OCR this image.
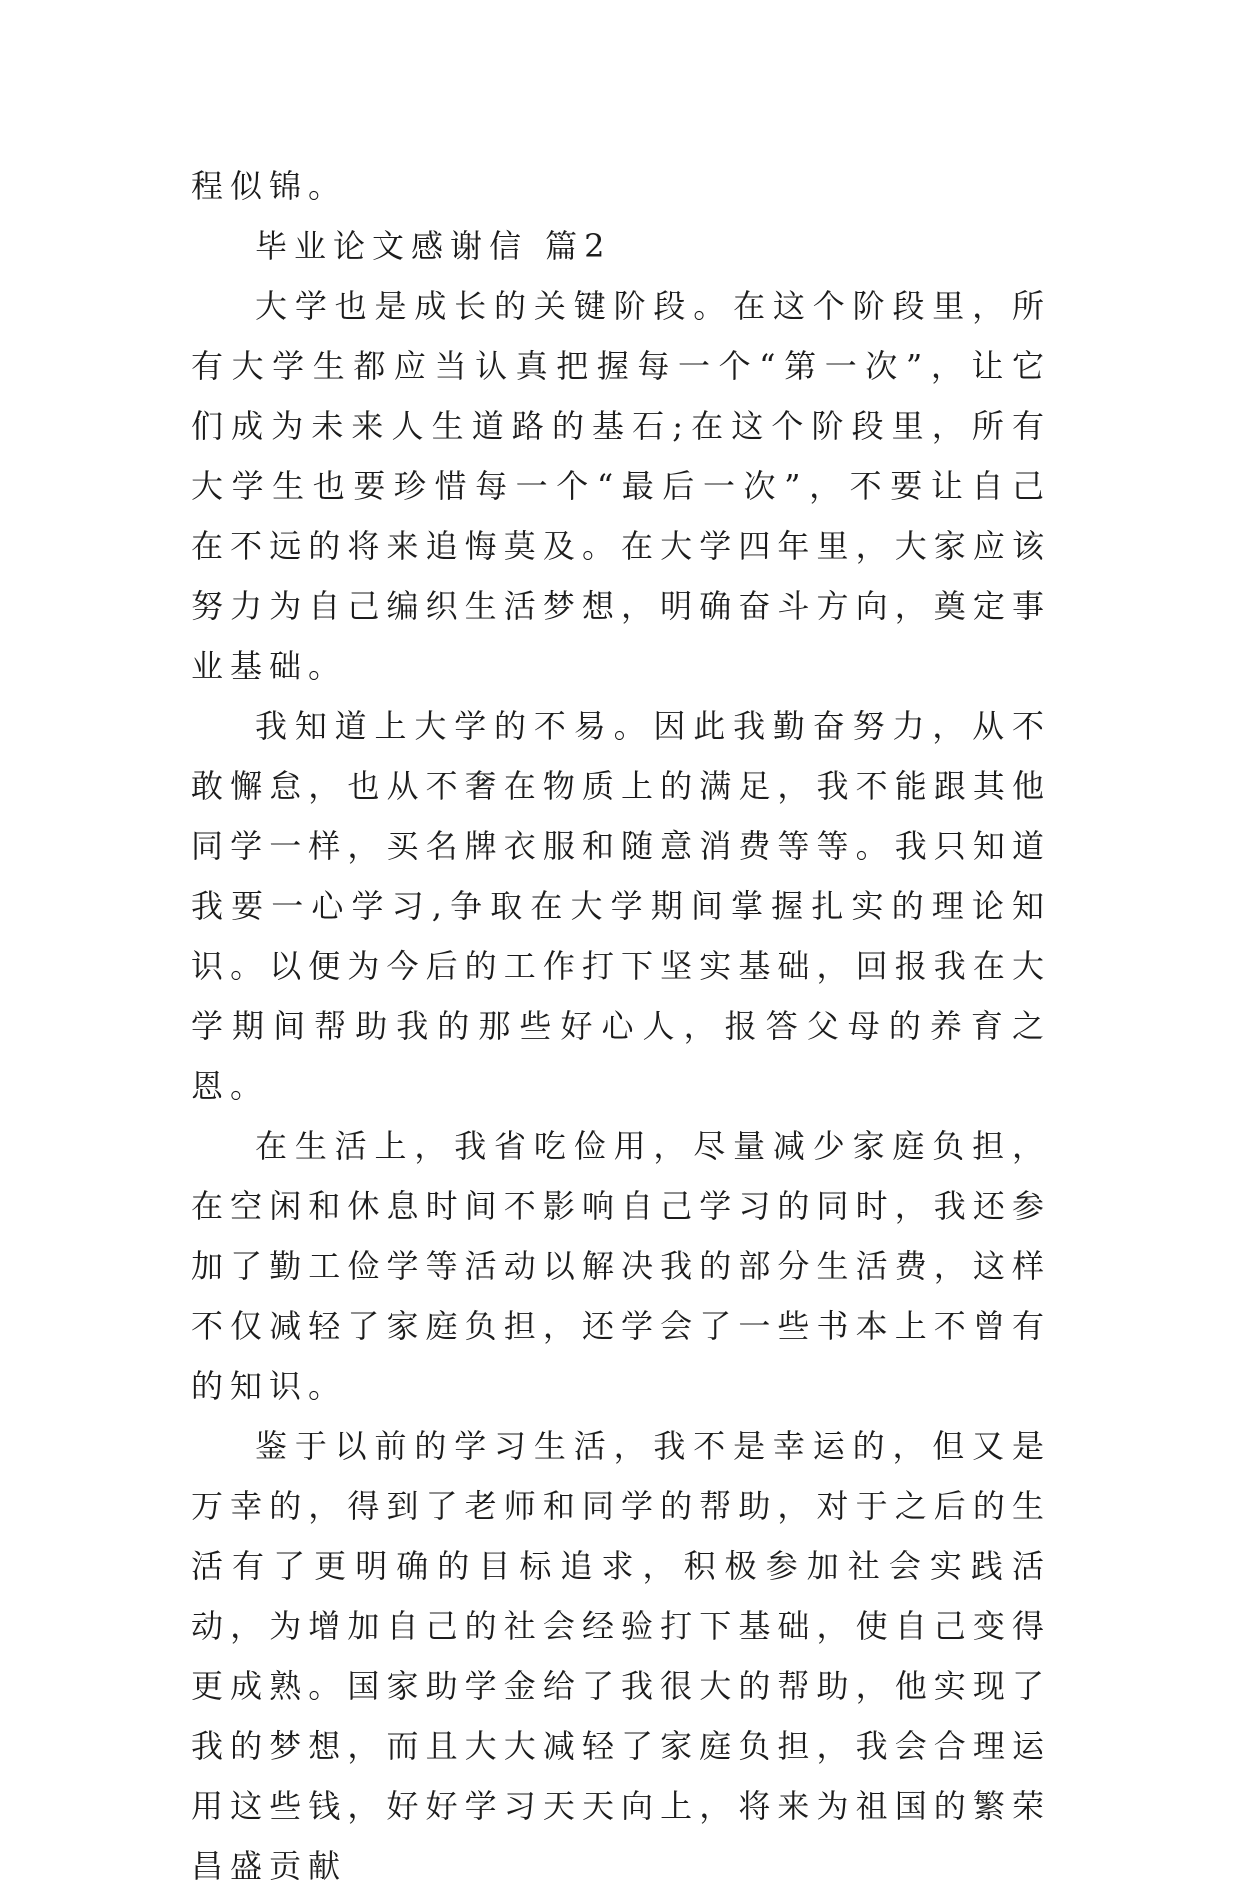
程似锦。

毕业论文感谢信 篇2

大学也是成长的关键阶段。在这个阶段里，所有大学生都应当认真把握每一个“第一次”，让它们成为未来人生道路的基石;在这个阶段里，所有大学生也要珍惜每一个“最后一次”，不要让自己在不远的将来追悔莫及。在大学四年里，大家应该努力为自己编织生活梦想，明确奋斗方向，奠定事业基础。

我知道上大学的不易。因此我勤奋努力，从不敢懈怠，也从不奢在物质上的满足，我不能跟其他同学一样，买名牌衣服和随意消费等等。我只知道我要一心学习,争取在大学期间掌握扎实的理论知识。以便为今后的工作打下坚实基础，回报我在大学期间帮助我的那些好心人，报答父母的养育之恩。

在生活上，我省吃俭用，尽量减少家庭负担，在空闲和休息时间不影响自己学习的同时，我还参加了勤工俭学等活动以解决我的部分生活费，这样不仅减轻了家庭负担，还学会了一些书本上不曾有的知识。

鉴于以前的学习生活，我不是幸运的，但又是万幸的，得到了老师和同学的帮助，对于之后的生活有了更明确的目标追求，积极参加社会实践活动，为增加自己的社会经验打下基础，使自己变得更成熟。国家助学金给了我很大的帮助，他实现了我的梦想，而且大大减轻了家庭负担，我会合理运用这些钱，好好学习天天向上，将来为祖国的繁荣昌盛贡献
